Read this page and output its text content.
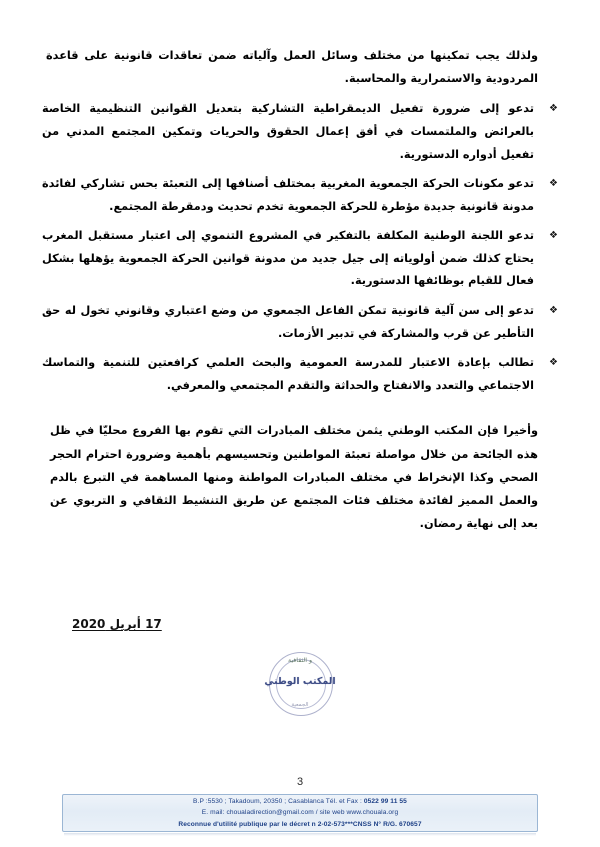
ولذلك يجب تمكينها من مختلف وسائل العمل وآلياته ضمن تعاقدات قانونية على قاعدة المردودية والاستمرارية والمحاسبة.

❖
تدعو إلى ضرورة تفعيل الديمقراطية التشاركية بتعديل القوانين التنظيمية الخاصة بالعرائض والملتمسات في أفق إعمال الحقوق والحريات وتمكين المجتمع المدني من تفعيل أدواره الدستورية.
❖
تدعو مكونات الحركة الجمعوية المغربية بمختلف أصنافها إلى التعبئة بحس تشاركي لفائدة مدونة قانونية جديدة مؤطرة للحركة الجمعوية تخدم تحديث ودمقرطة المجتمع.
❖
تدعو اللجنة الوطنية المكلفة بالتفكير في المشروع التنموي إلى اعتبار مستقبل المغرب يحتاج كذلك ضمن أولوياته إلى جيل جديد من مدونة قوانين الحركة الجمعوية يؤهلها بشكل فعال للقيام بوظائفها الدستورية.
❖
تدعو إلى سن آلية قانونية تمكن الفاعل الجمعوي من وضع اعتباري وقانوني تخول له حق التأطير عن قرب والمشاركة في تدبير الأزمات.
❖
تطالب بإعادة الاعتبار للمدرسة العمومية والبحث العلمي كرافعتين للتنمية والتماسك الاجتماعي والتعدد والانفتاح والحداثة والتقدم المجتمعي والمعرفي.

وأخيرا فإن المكتب الوطني يثمن مختلف المبادرات التي تقوم بها الفروع محليّا في ظل هذه الجائحة من خلال مواصلة تعبئة المواطنين وتحسيسهم بأهمية وضرورة احترام الحجر الصحي وكذا الإنخراط في مختلف المبادرات المواطنة ومنها المساهمة في التبرع بالدم والعمل المميز لفائدة مختلف فئات المجتمع عن طريق التنشيط الثقافي و التربوي عن بعد إلى نهاية رمضان.

17 أبريل 2020
و الثقافية
الجمعية
المكتب الوطني
3
B.P :5530 ; Takadoum, 20350 ; Casablanca Tél. et Fax : 0522 99 11 55
E. mail: choualadirection@gmail.com / site web www.chouala.org
Reconnue d'utilité publique par le décret n 2-02-573***CNSS N° R/G. 670657
